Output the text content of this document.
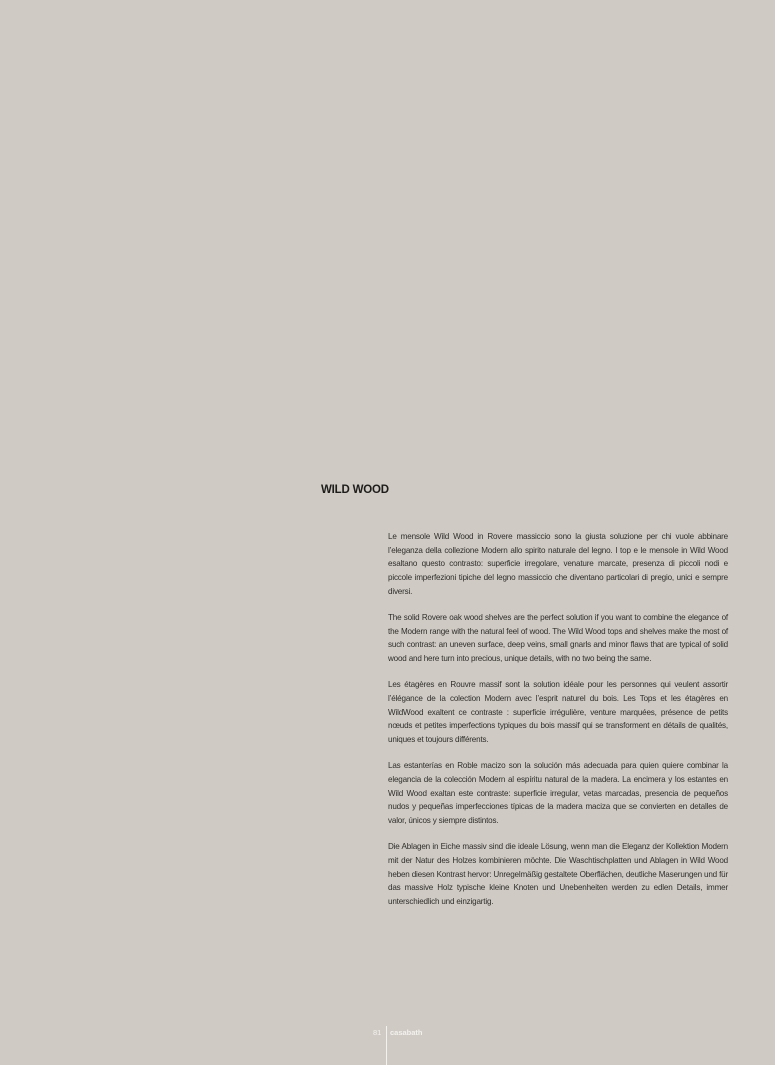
WILD WOOD

Le mensole Wild Wood in Rovere massiccio sono la giusta soluzione per chi vuole abbinare l’eleganza della collezione Modern allo spirito naturale del legno. I top e le mensole in Wild Wood esaltano questo contrasto: superficie irregolare, venature marcate, presenza di piccoli nodi e piccole imperfezioni tipiche del legno massiccio che diventano particolari di pregio, unici e sempre diversi.

The solid Rovere oak wood shelves are the perfect solution if you want to combine the elegance of the Modern range with the natural feel of wood. The Wild Wood tops and shelves make the most of such contrast: an uneven surface, deep veins, small gnarls and minor flaws that are typical of solid wood and here turn into precious, unique details, with no two being the same.

Les étagères en Rouvre massif sont la solution idéale pour les personnes qui veulent assortir l’élégance de la colection Modern avec l’esprit naturel du bois. Les Tops et les étagères en WildWood exaltent ce contraste : superficie irrégulière, venture marquées, présence de petits nœuds et petites imperfections typiques du bois massif qui se transforment en détails de qualités, uniques et toujours différents.

Las estanterías en Roble macizo son la solución más adecuada para quien quiere combinar la elegancia de la colección Modern al espíritu natural de la madera. La encimera y los estantes en Wild Wood exaltan este contraste: superficie irregular, vetas marcadas, presencia de pequeños nudos y pequeñas imperfecciones típicas de la madera maciza que se convierten en detalles de valor, únicos y siempre distintos.

Die Ablagen in Eiche massiv sind die ideale Lösung, wenn man die Eleganz der Kollektion Modern mit der Natur des Holzes kombinieren möchte. Die Waschtischplatten und Ablagen in Wild Wood heben diesen Kontrast hervor: Unregelmäßig gestaltete Oberflächen, deutliche Maserungen und für das massive Holz typische kleine Knoten und Unebenheiten werden zu edlen Details, immer unterschiedlich und einzigartig.

81 casabath
